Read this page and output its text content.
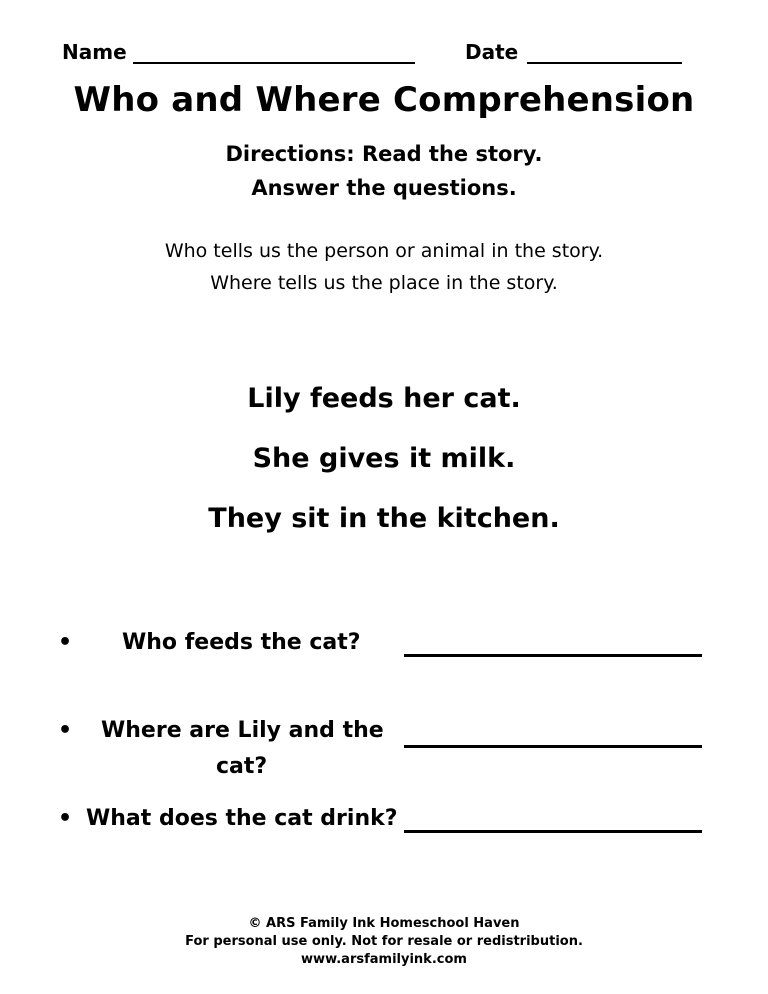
Name	Date
Who and Where Comprehension
Directions: Read the story.
Answer the questions.
Who tells us the person or animal in the story.
Where tells us the place in the story.
Lily feeds her cat.
She gives it milk.
They sit in the kitchen.
• Who feeds the cat?
• Where are Lily and the
cat?
• What does the cat drink?
© ARS Family Ink Homeschool Haven
For personal use only. Not for resale or redistribution.
www.arsfamilyink.com
